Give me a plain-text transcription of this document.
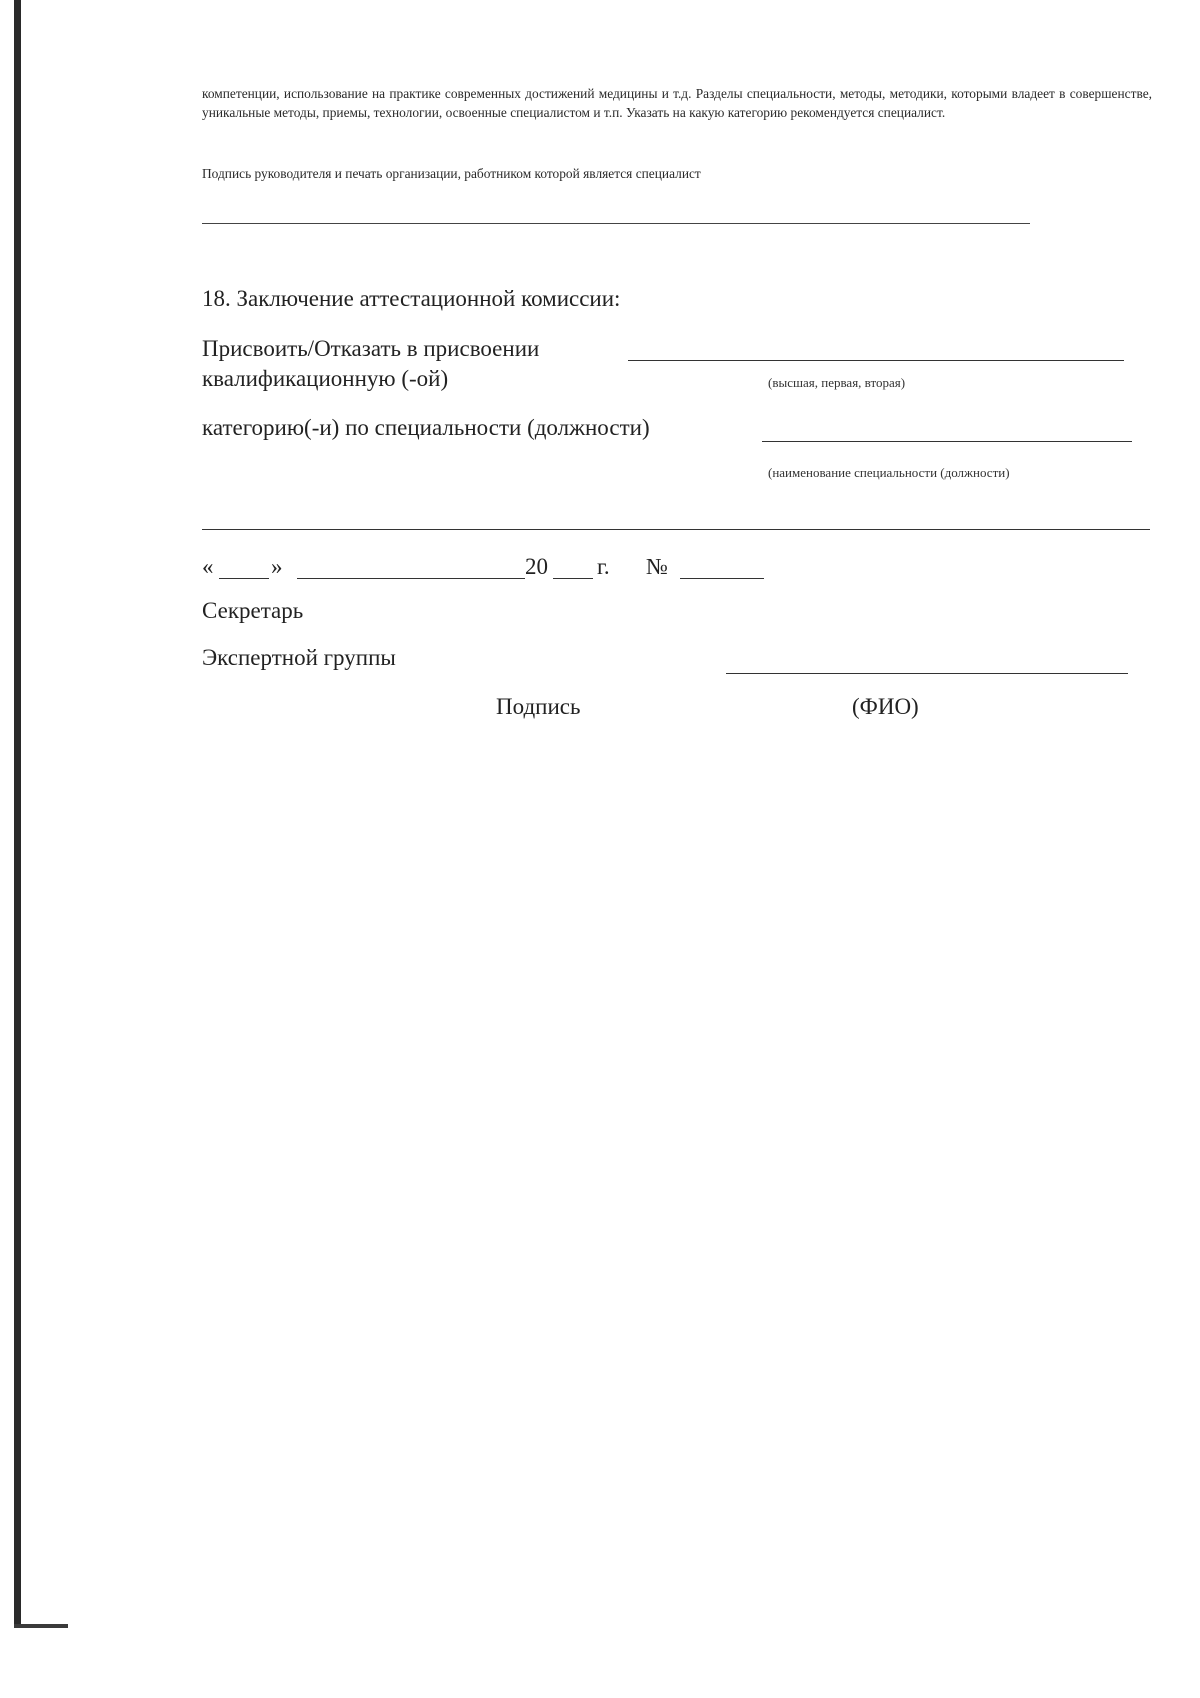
компетенции, использование на практике современных достижений медицины и т.д. Разделы специальности, методы, методики, которыми владеет в совершенстве, уникальные методы, приемы, технологии, освоенные специалистом и т.п. Указать на какую категорию рекомендуется специалист.
Подпись руководителя и печать организации, работником которой является специалист
18. Заключение аттестационной комиссии:
Присвоить/Отказать в присвоении
квалификационную (-ой)	(высшая, первая, вторая)
категорию(-и) по специальности (должности)
(наименование специальности (должности)
«	»	20 г. №
Секретарь
Экспертной группы
Подпись	(ФИО)
